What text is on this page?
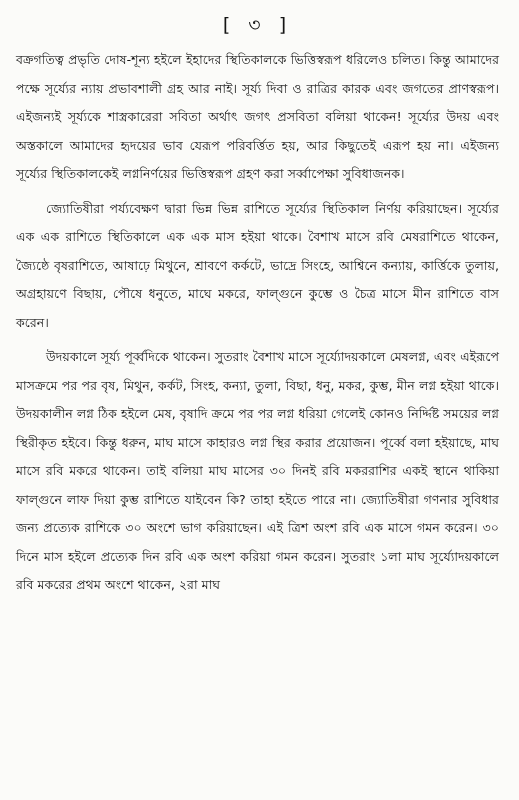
[ ৩ ]

বক্রগতিত্ব প্রভৃতি দোষ-শূন্য হইলে ইহাদের স্থিতিকালকে ভিত্তিস্বরূপ ধরিলেও চলিত। কিন্তু আমাদের পক্ষে সূর্য্যের ন্যায় প্রভাবশালী গ্রহ আর নাই। সূর্য্য দিবা ও রাত্রির কারক এবং জগতের প্রাণস্বরূপ। এইজন্যই সূর্য্যকে শাস্ত্রকারেরা সবিতা অর্থাৎ জগৎ প্রসবিতা বলিয়া থাকেন! সূর্য্যের উদয় এবং অস্তকালে আমাদের হৃদয়ের ভাব যেরূপ পরিবর্ত্তিত হয়, আর কিছুতেই এরূপ হয় না। এইজন্য সূর্য্যের স্থিতিকালকেই লগ্ননির্ণয়ের ভিত্তিস্বরূপ গ্রহণ করা সর্ব্বাপেক্ষা সুবিধাজনক।

জ্যোতিষীরা পর্য্যবেক্ষণ দ্বারা ভিন্ন ভিন্ন রাশিতে সূর্য্যের স্থিতিকাল নির্ণয় করিয়াছেন। সূর্য্যের এক এক রাশিতে স্থিতিকালে এক এক মাস হইয়া থাকে। বৈশাখ মাসে রবি মেষরাশিতে থাকেন, জ্যৈষ্ঠে বৃষরাশিতে, আষাঢ়ে মিথুনে, শ্রাবণে কর্কটে, ভাদ্রে সিংহে, আশ্বিনে কন্যায়, কার্ত্তিকে তুলায়, অগ্রহায়ণে বিছায়, পৌষে ধনুতে, মাঘে মকরে, ফাল্গুনে কুম্ভে ও চৈত্র মাসে মীন রাশিতে বাস করেন।

উদয়কালে সূর্য্য পূর্ব্বদিকে থাকেন। সুতরাং বৈশাখ মাসে সূর্য্যোদয়কালে মেষলগ্ন, এবং এইরূপে মাসক্রমে পর পর বৃষ, মিথুন, কর্কট, সিংহ, কন্যা, তুলা, বিছা, ধনু, মকর, কুম্ভ, মীন লগ্ন হইয়া থাকে। উদয়কালীন লগ্ন ঠিক হইলে মেষ, বৃষাদি ক্রমে পর পর লগ্ন ধরিয়া গেলেই কোনও নির্দ্দিষ্ট সময়ের লগ্ন স্থিরীকৃত হইবে। কিন্তু ধরুন, মাঘ মাসে কাহারও লগ্ন স্থির করার প্রয়োজন। পূর্ব্বে বলা হইয়াছে, মাঘ মাসে রবি মকরে থাকেন। তাই বলিয়া মাঘ মাসের ৩০ দিনই রবি মকররাশির একই স্থানে থাকিয়া ফাল্গুনে লাফ দিয়া কুম্ভ রাশিতে যাইবেন কি? তাহা হইতে পারে না। জ্যোতিষীরা গণনার সুবিধার জন্য প্রত্যেক রাশিকে ৩০ অংশে ভাগ করিয়াছেন। এই ত্রিশ অংশ রবি এক মাসে গমন করেন। ৩০ দিনে মাস হইলে প্রত্যেক দিন রবি এক অংশ করিয়া গমন করেন। সুতরাং ১লা মাঘ সূর্য্যোদয়কালে রবি মকরের প্রথম অংশে থাকেন, ২রা মাঘ
